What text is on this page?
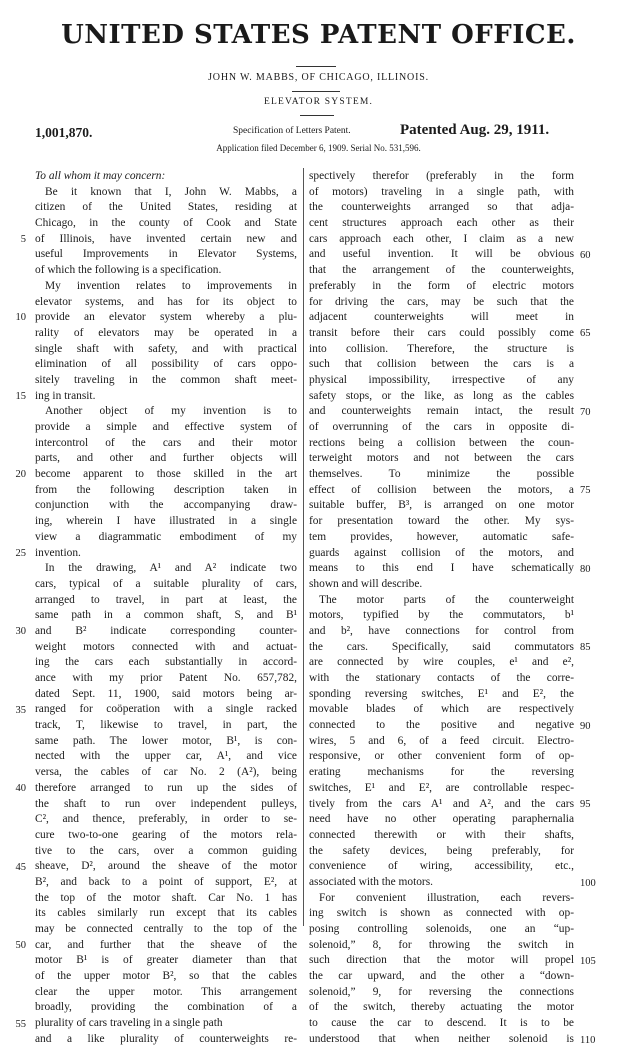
UNITED STATES PATENT OFFICE.
JOHN W. MABBS, OF CHICAGO, ILLINOIS.
ELEVATOR SYSTEM.
1,001,870.	Specification of Letters Patent.	Patented Aug. 29, 1911.
Application filed December 6, 1909. Serial No. 531,596.
To all whom it may concern:
Be it known that I, John W. Mabbs, a
citizen of the United States, residing at
Chicago, in the county of Cook and State
of Illinois, have invented certain new and
useful Improvements in Elevator Systems,
of which the following is a specification.
My invention relates to improvements in
elevator systems, and has for its object to
provide an elevator system whereby a plu-
rality of elevators may be operated in a
single shaft with safety, and with practical
elimination of all possibility of cars oppo-
sitely traveling in the common shaft meet-
ing in transit.
Another object of my invention is to
provide a simple and effective system of
intercontrol of the cars and their motor
parts, and other and further objects will
become apparent to those skilled in the art
from the following description taken in
conjunction with the accompanying draw-
ing, wherein I have illustrated in a single
view a diagrammatic embodiment of my
invention.
In the drawing, A¹ and A² indicate two
cars, typical of a suitable plurality of cars,
arranged to travel, in part at least, the
same path in a common shaft, S, and B¹
and B² indicate corresponding counter-
weight motors connected with and actuat-
ing the cars each substantially in accord-
ance with my prior Patent No. 657,782,
dated Sept. 11, 1900, said motors being ar-
ranged for coöperation with a single racked
track, T, likewise to travel, in part, the
same path. The lower motor, B¹, is con-
nected with the upper car, A¹, and vice
versa, the cables of car No. 2 (A²), being
therefore arranged to run up the sides of
the shaft to run over independent pulleys,
C², and thence, preferably, in order to se-
cure two-to-one gearing of the motors rela-
tive to the cars, over a common guiding
sheave, D², around the sheave of the motor
B², and back to a point of support, E², at
the top of the motor shaft. Car No. 1 has
its cables similarly run except that its cables
may be connected centrally to the top of the
car, and further that the sheave of the
motor B¹ is of greater diameter than that
of the upper motor B², so that the cables
clear the upper motor. This arrangement
broadly, providing the combination of a
plurality of cars traveling in a single path
and a like plurality of counterweights re-
spectively therefor (preferably in the form
of motors) traveling in a single path, with
the counterweights arranged so that adja-
cent structures approach each other as their
cars approach each other, I claim as a new
and useful invention. It will be obvious
that the arrangement of the counterweights,
preferably in the form of electric motors
for driving the cars, may be such that the
adjacent counterweights will meet in
transit before their cars could possibly come
into collision. Therefore, the structure is
such that collision between the cars is a
physical impossibility, irrespective of any
safety stops, or the like, as long as the cables
and counterweights remain intact, the result
of overrunning of the cars in opposite di-
rections being a collision between the coun-
terweight motors and not between the cars
themselves. To minimize the possible
effect of collision between the motors, a
suitable buffer, B³, is arranged on one motor
for presentation toward the other. My sys-
tem provides, however, automatic safe-
guards against collision of the motors, and
means to this end I have schematically
shown and will describe.
The motor parts of the counterweight
motors, typified by the commutators, b¹
and b², have connections for control from
the cars. Specifically, said commutators
are connected by wire couples, e¹ and e²,
with the stationary contacts of the corre-
sponding reversing switches, E¹ and E², the
movable blades of which are respectively
connected to the positive and negative
wires, 5 and 6, of a feed circuit. Electro-
responsive, or other convenient form of op-
erating mechanisms for the reversing
switches, E¹ and E², are controllable respec-
tively from the cars A¹ and A², and the cars
need have no other operating paraphernalia
connected therewith or with their shafts,
the safety devices, being preferably, for
convenience of wiring, accessibility, etc.,
associated with the motors.
For convenient illustration, each revers-
ing switch is shown as connected with op-
posing controlling solenoids, one an “up-
solenoid,” 8, for throwing the switch in
such direction that the motor will propel
the car upward, and the other a “down-
solenoid,” 9, for reversing the connections
of the switch, thereby actuating the motor
to cause the car to descend. It is to be
understood that when neither solenoid is
5
10
15
20
25
30
35
40
45
50
55
60
65
70
75
80
85
90
95
100
105
110
